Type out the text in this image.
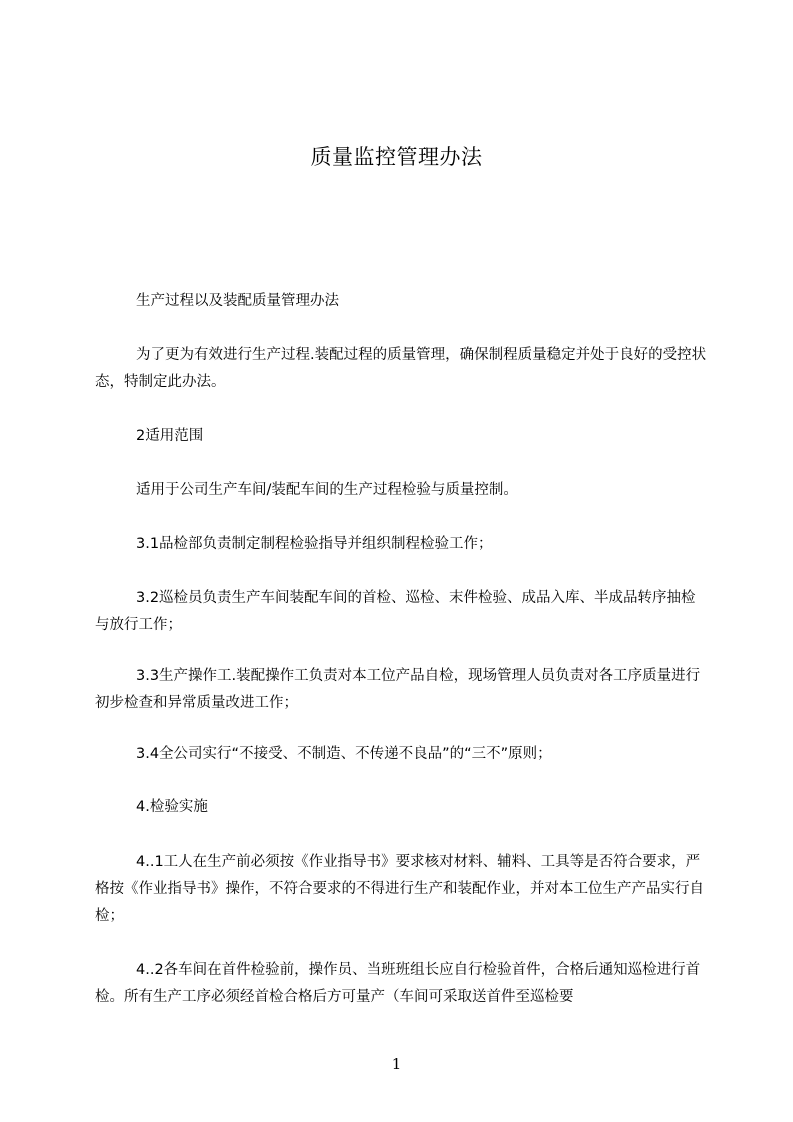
质量监控管理办法
生产过程以及装配质量管理办法
为了更为有效进行生产过程.装配过程的质量管理，确保制程质量稳定并处于良好的受控状态，特制定此办法。
2适用范围
适用于公司生产车间/装配车间的生产过程检验与质量控制。
3.1品检部负责制定制程检验指导并组织制程检验工作；
3.2巡检员负责生产车间装配车间的首检、巡检、末件检验、成品入库、半成品转序抽检与放行工作；
3.3生产操作工.装配操作工负责对本工位产品自检，现场管理人员负责对各工序质量进行初步检查和异常质量改进工作；
3.4全公司实行“不接受、不制造、不传递不良品”的“三不”原则；
4.检验实施
4..1工人在生产前必须按《作业指导书》要求核对材料、辅料、工具等是否符合要求，严格按《作业指导书》操作，不符合要求的不得进行生产和装配作业，并对本工位生产产品实行自检；
4..2各车间在首件检验前，操作员、当班班组长应自行检验首件，合格后通知巡检进行首检。所有生产工序必须经首检合格后方可量产（车间可采取送首件至巡检要
1
